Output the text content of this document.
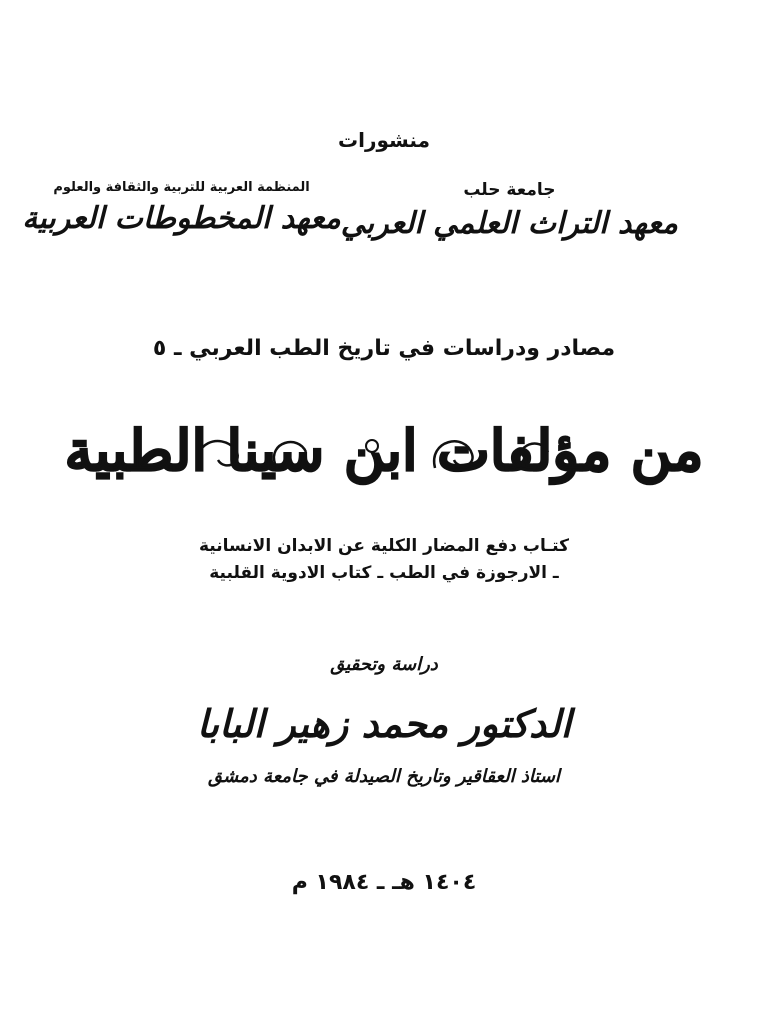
منشورات
جامعة حلب
معهد التراث العلمي العربي
المنظمة العربية للتربية والثقافة والعلوم
معهد المخطوطات العربية
مصادر ودراسات في تاريخ الطب العربي ـ ٥
من مؤلفات ابن سينا الطبية
كتـاب دفع المضار الكلية عن الابدان الانسانية
ـ الارجوزة في الطب ـ كتاب الادوية القلبية
دراسة وتحقيق
الدكتور محمد زهير البابا
استاذ العقاقير وتاريخ الصيدلة في جامعة دمشق
١٤٠٤ هـ ـ ١٩٨٤ م
